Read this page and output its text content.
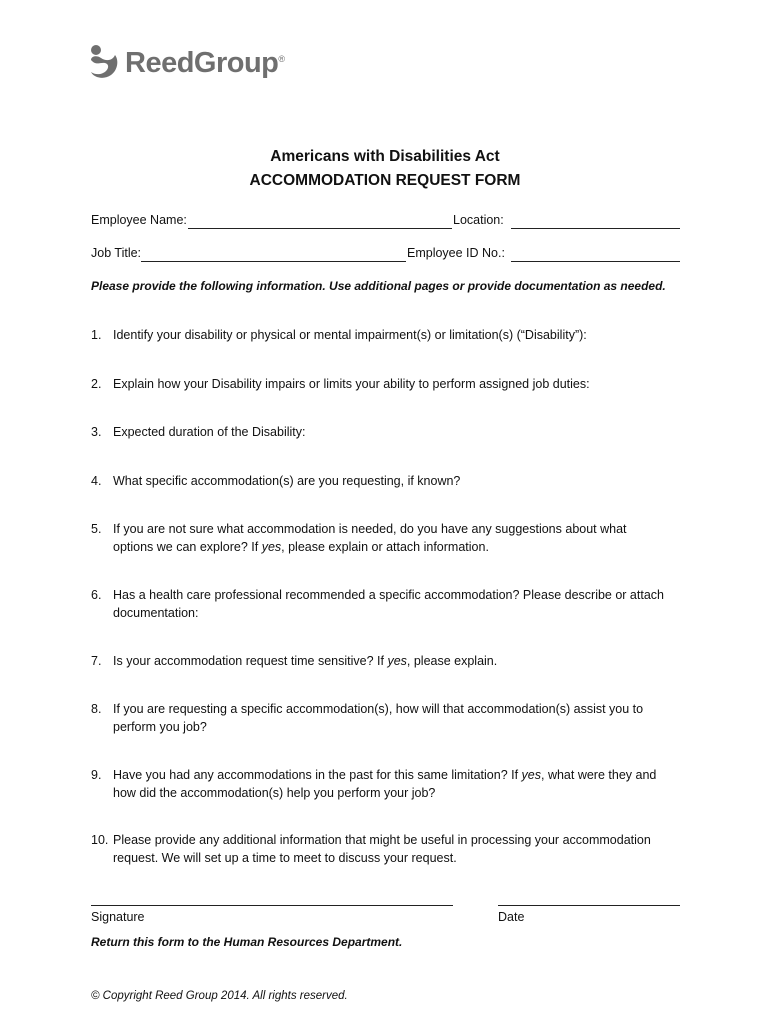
ReedGroup ®
Americans with Disabilities Act
ACCOMMODATION REQUEST FORM
Employee Name:	Location:
Job Title:	Employee ID No.:
Please provide the following information. Use additional pages or provide documentation as needed.
1. Identify your disability or physical or mental impairment(s) or limitation(s) (“Disability”):
2. Explain how your Disability impairs or limits your ability to perform assigned job duties:
3. Expected duration of the Disability:
4. What specific accommodation(s) are you requesting, if known?
5. If you are not sure what accommodation is needed, do you have any suggestions about what options we can explore? If yes, please explain or attach information.
6. Has a health care professional recommended a specific accommodation? Please describe or attach documentation:
7. Is your accommodation request time sensitive? If yes, please explain.
8. If you are requesting a specific accommodation(s), how will that accommodation(s) assist you to perform you job?
9. Have you had any accommodations in the past for this same limitation? If yes, what were they and how did the accommodation(s) help you perform your job?
10. Please provide any additional information that might be useful in processing your accommodation request. We will set up a time to meet to discuss your request.
Signature	Date
Return this form to the Human Resources Department.
© Copyright Reed Group 2014. All rights reserved.
